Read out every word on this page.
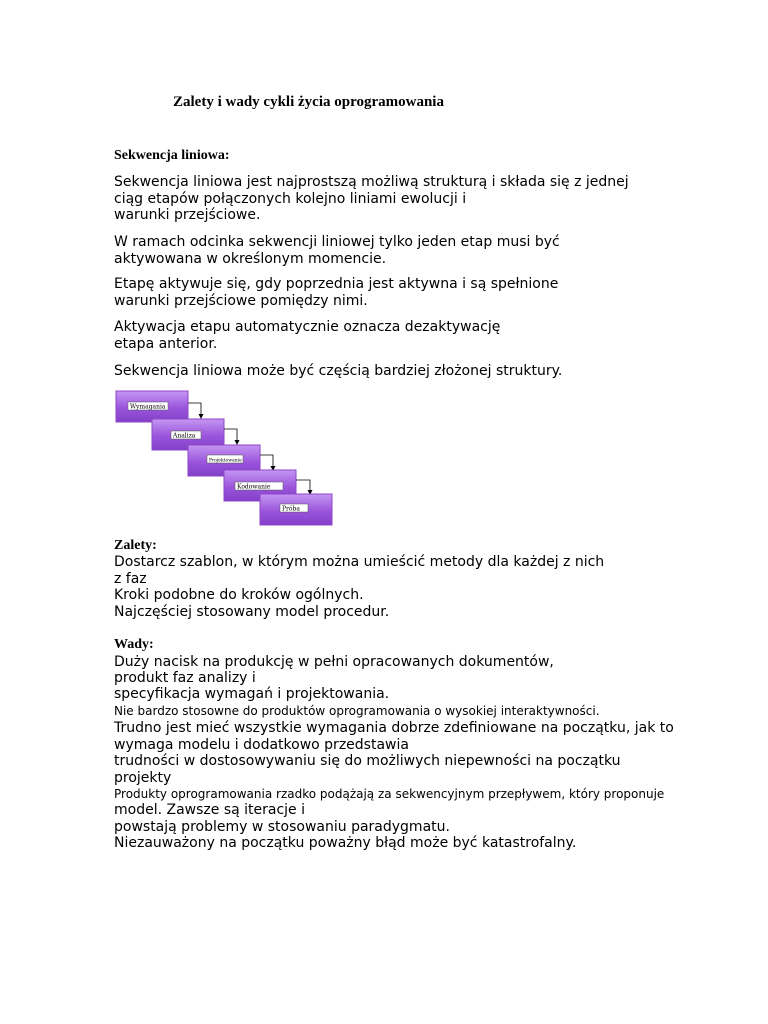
Zalety i wady cykli życia oprogramowania

Sekwencja liniowa:

Sekwencja liniowa jest najprostszą możliwą strukturą i składa się z jednej

ciąg etapów połączonych kolejno liniami ewolucji i

warunki przejściowe.

W ramach odcinka sekwencji liniowej tylko jeden etap musi być

aktywowana w określonym momencie.

Etapę aktywuje się, gdy poprzednia jest aktywna i są spełnione

warunki przejściowe pomiędzy nimi.

Aktywacja etapu automatycznie oznacza dezaktywację

etapa anterior.

Sekwencja liniowa może być częścią bardziej złożonej struktury.

Wymagania
Analiza
Projektowanie
Kodowanie
Próba

Zalety:

Dostarcz szablon, w którym można umieścić metody dla każdej z nich

z faz

Kroki podobne do kroków ogólnych.

Najczęściej stosowany model procedur.

Wady:

Duży nacisk na produkcję w pełni opracowanych dokumentów,

produkt faz analizy i

specyfikacja wymagań i projektowania.

Nie bardzo stosowne do produktów oprogramowania o wysokiej interaktywności.

Trudno jest mieć wszystkie wymagania dobrze zdefiniowane na początku, jak to

wymaga modelu i dodatkowo przedstawia

trudności w dostosowywaniu się do możliwych niepewności na początku

projekty

Produkty oprogramowania rzadko podążają za sekwencyjnym przepływem, który proponuje

model. Zawsze są iteracje i

powstają problemy w stosowaniu paradygmatu.

Niezauważony na początku poważny błąd może być katastrofalny.
